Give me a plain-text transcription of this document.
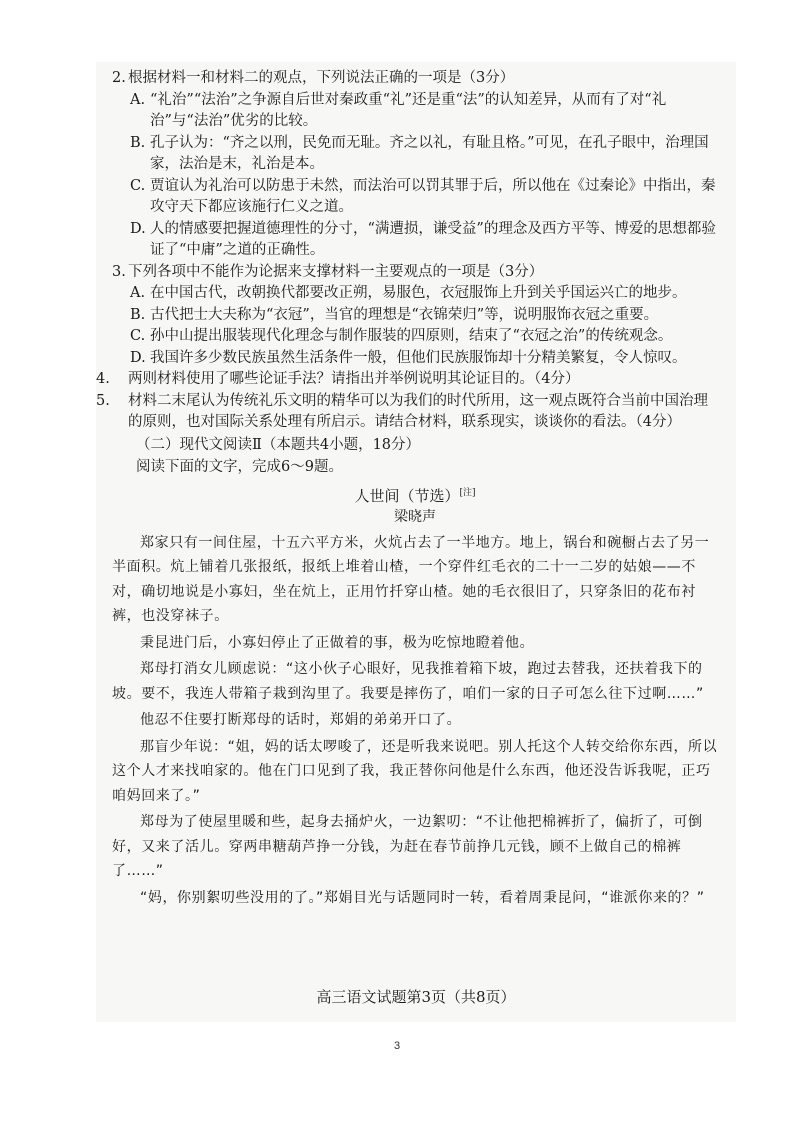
2. 根据材料一和材料二的观点，下列说法正确的一项是（3分）

A. “礼治”“法治”之争源自后世对秦政重“礼”还是重“法”的认知差异，从而有了对“礼治”与“法治”优劣的比较。

B. 孔子认为：“齐之以刑，民免而无耻。齐之以礼，有耻且格。”可见，在孔子眼中，治理国家，法治是末，礼治是本。

C. 贾谊认为礼治可以防患于未然，而法治可以罚其罪于后，所以他在《过秦论》中指出，秦攻守天下都应该施行仁义之道。

D. 人的情感要把握道德理性的分寸，“满遭损，谦受益”的理念及西方平等、博爱的思想都验证了“中庸”之道的正确性。

3. 下列各项中不能作为论据来支撑材料一主要观点的一项是（3分）

A. 在中国古代，改朝换代都要改正朔，易服色，衣冠服饰上升到关乎国运兴亡的地步。

B. 古代把士大夫称为“衣冠”，当官的理想是“衣锦荣归”等，说明服饰衣冠之重要。

C. 孙中山提出服装现代化理念与制作服装的四原则，结束了“衣冠之治”的传统观念。

D. 我国许多少数民族虽然生活条件一般，但他们民族服饰却十分精美繁复，令人惊叹。

4. 两则材料使用了哪些论证手法？请指出并举例说明其论证目的。（4分）

5. 材料二末尾认为传统礼乐文明的精华可以为我们的时代所用，这一观点既符合当前中国治理的原则，也对国际关系处理有所启示。请结合材料，联系现实，谈谈你的看法。（4分）

（二）现代文阅读Ⅱ（本题共4小题，18分）

阅读下面的文字，完成6～9题。

人世间（节选）[注]

梁晓声

郑家只有一间住屋，十五六平方米，火炕占去了一半地方。地上，锅台和碗橱占去了另一半面积。炕上铺着几张报纸，报纸上堆着山楂，一个穿件红毛衣的二十一二岁的姑娘——不对，确切地说是小寡妇，坐在炕上，正用竹扦穿山楂。她的毛衣很旧了，只穿条旧的花布衬裤，也没穿袜子。

秉昆进门后，小寡妇停止了正做着的事，极为吃惊地瞪着他。

郑母打消女儿顾虑说：“这小伙子心眼好，见我推着箱下坡，跑过去替我，还扶着我下的坡。要不，我连人带箱子栽到沟里了。我要是摔伤了，咱们一家的日子可怎么往下过啊……”

他忍不住要打断郑母的话时，郑娟的弟弟开口了。

那盲少年说：“姐，妈的话太啰唆了，还是听我来说吧。别人托这个人转交给你东西，所以这个人才来找咱家的。他在门口见到了我，我正替你问他是什么东西，他还没告诉我呢，正巧咱妈回来了。”

郑母为了使屋里暖和些，起身去捅炉火，一边絮叨：“不让他把棉裤折了，偏折了，可倒好，又来了活儿。穿两串糖葫芦挣一分钱，为赶在春节前挣几元钱，顾不上做自己的棉裤了……”

“妈，你别絮叨些没用的了。”郑娟目光与话题同时一转，看着周秉昆问，“谁派你来的？”

高三语文试题第3页（共8页）
3
